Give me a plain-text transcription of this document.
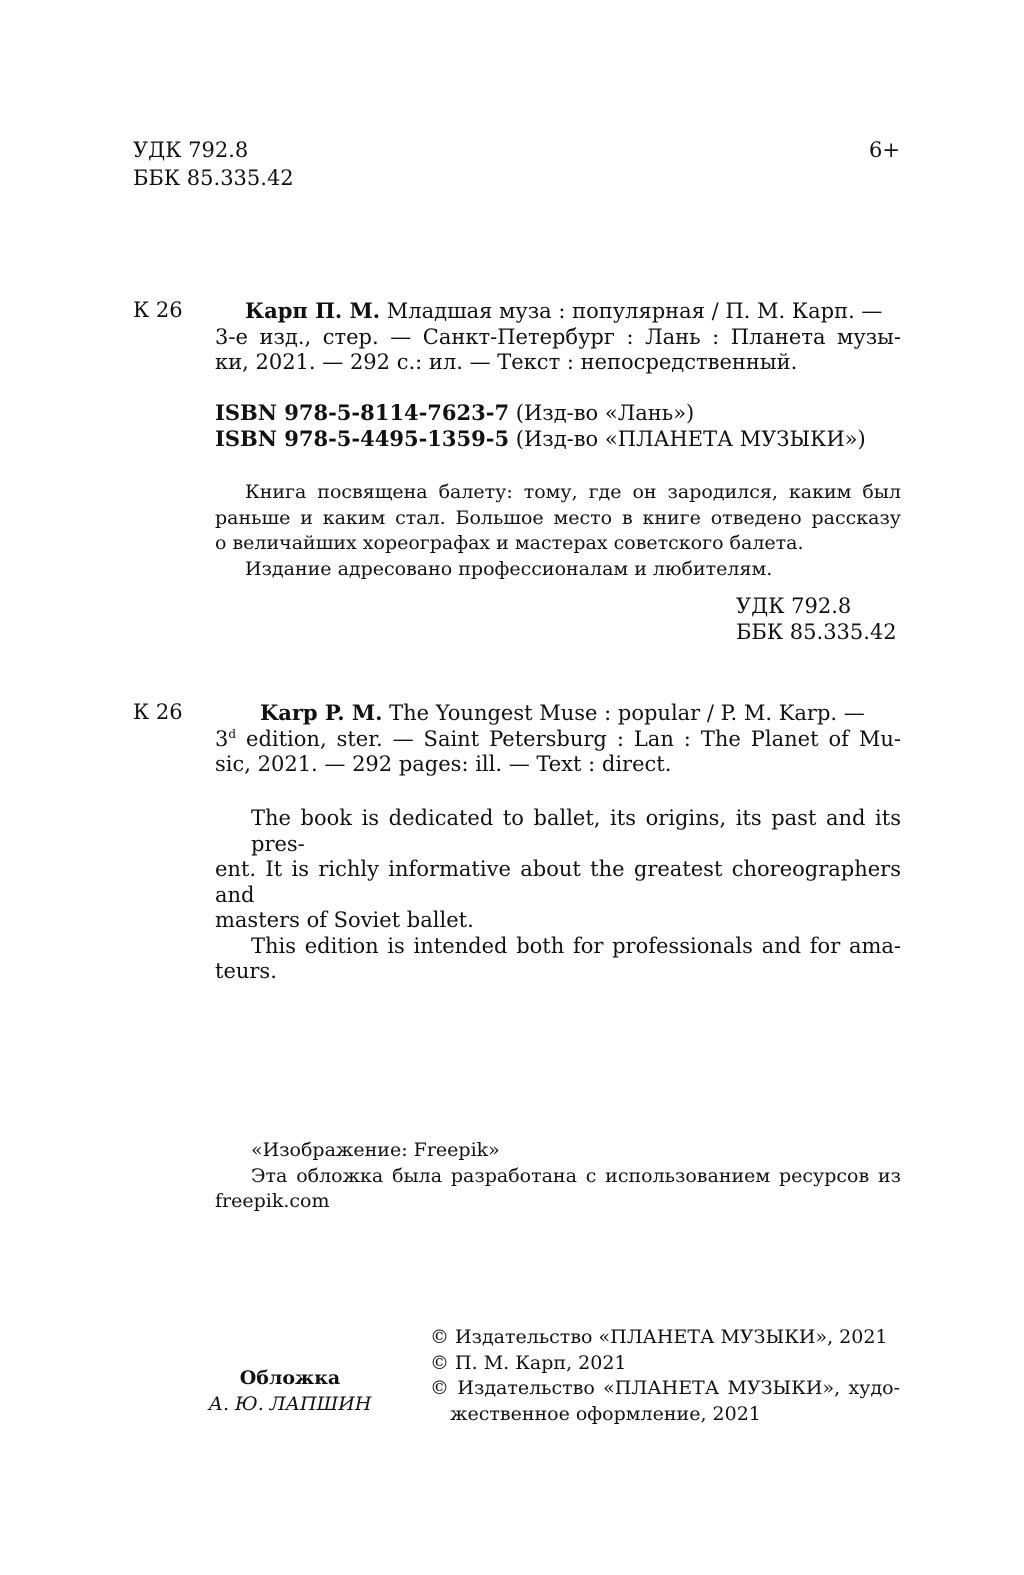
УДК 792.8
ББК 85.335.42
6+
К 26	Карп П. М. Младшая муза : популярная / П. М. Карп. —
3-е изд., стер. — Санкт-Петербург : Лань : Планета музы-
ки, 2021. — 292 с.: ил. — Текст : непосредственный.
ISBN 978-5-8114-7623-7 (Изд-во «Лань»)
ISBN 978-5-4495-1359-5 (Изд-во «ПЛАНЕТА МУЗЫКИ»)
Книга посвящена балету: тому, где он зародился, каким был
раньше и каким стал. Большое место в книге отведено рассказу
о величайших хореографах и мастерах советского балета.
Издание адресовано профессионалам и любителям.
УДК 792.8
ББК 85.335.42
К 26	Karp P. M. The Youngest Muse : popular / P. M. Karp. —
3$^d$ edition, ster. — Saint Petersburg : Lan : The Planet of Mu-
sic, 2021. — 292 pages: ill. — Text : direct.
The book is dedicated to ballet, its origins, its past and its pres-
ent. It is richly informative about the greatest choreographers and
masters of Soviet ballet.
This edition is intended both for professionals and for ama-
teurs.
«Изображение: Freepik»
Эта обложка была разработана с использованием ресурсов из
freepik.com
Обложка
А. Ю. ЛАПШИН
© Издательство «ПЛАНЕТА МУЗЫКИ», 2021
© П. М. Карп, 2021
© Издательство «ПЛАНЕТА МУЗЫКИ», худо-
жественное оформление, 2021
